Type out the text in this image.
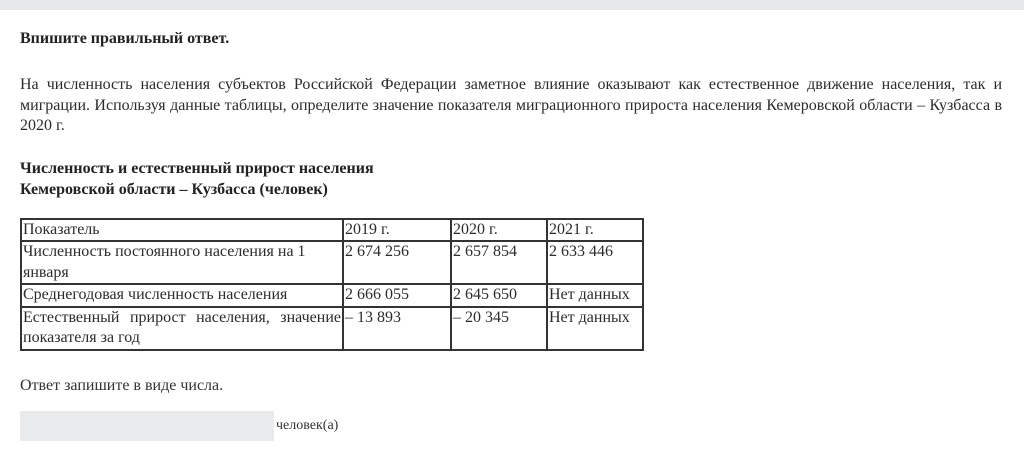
Впишите правильный ответ.

На численность населения субъектов Российской Федерации заметное влияние оказывают как естественное движение населения, так и миграции. Используя данные таблицы, определите значение показателя миграционного прироста населения Кемеровской области – Кузбасса в 2020 г.

Численность и естественный прирост населения
Кемеровской области – Кузбасса (человек)
Показатель	2019 г.	2020 г.	2021 г.
Численность постоянного населения на 1 января	2 674 256	2 657 854	2 633 446
Среднегодовая численность населения	2 666 055	2 645 650	Нет данных
Естественный прирост населения, значение показателя за год	– 13 893	– 20 345	Нет данных
Ответ запишите в виде числа.
человек(а)
